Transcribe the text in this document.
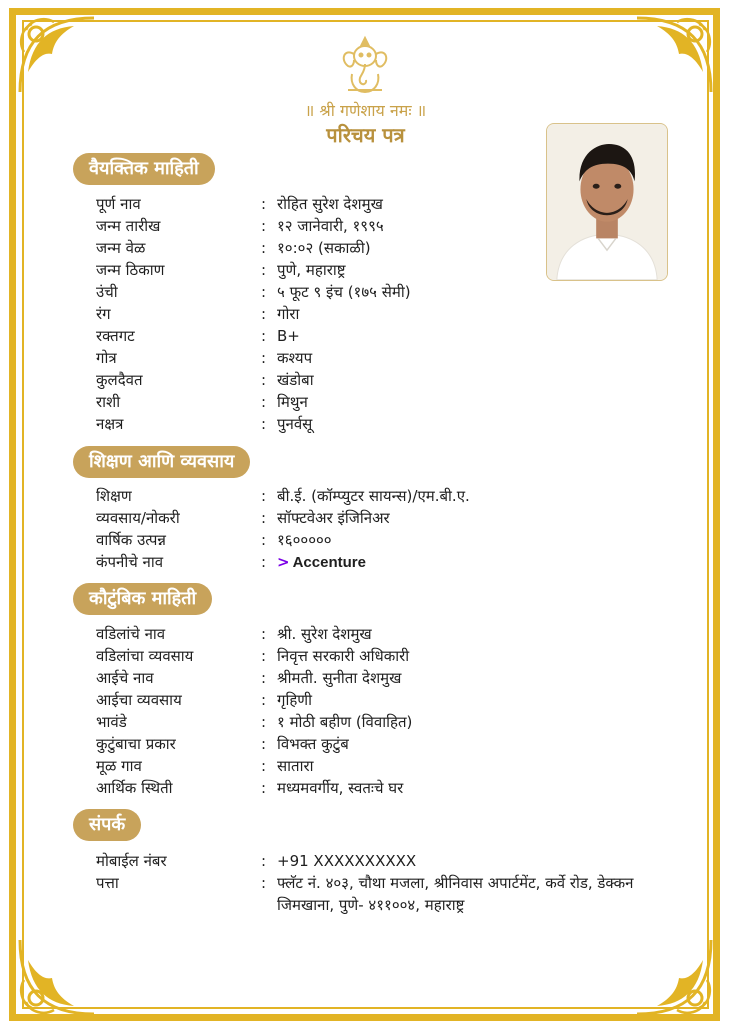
॥ श्री गणेशाय नमः ॥
परिचय पत्र
वैयक्तिक माहिती
पूर्ण नाव	: रोहित सुरेश देशमुख
जन्म तारीख	: १२ जानेवारी, १९९५
जन्म वेळ	: १०:०२ (सकाळी)
जन्म ठिकाण	: पुणे, महाराष्ट्र
उंची	: ५ फूट ९ इंच (१७५ सेमी)
रंग	: गोरा
रक्तगट	: B+
गोत्र	: कश्यप
कुलदैवत	: खंडोबा
राशी	: मिथुन
नक्षत्र	: पुनर्वसू
शिक्षण आणि व्यवसाय
शिक्षण	: बी.ई. (कॉम्प्युटर सायन्स)/एम.बी.ए.
व्यवसाय/नोकरी	: सॉफ्टवेअर इंजिनिअर
वार्षिक उत्पन्न	: १६०००००
कंपनीचे नाव	: > Accenture
कौटुंबिक माहिती
वडिलांचे नाव	: श्री. सुरेश देशमुख
वडिलांचा व्यवसाय	: निवृत्त सरकारी अधिकारी
आईचे नाव	: श्रीमती. सुनीता देशमुख
आईचा व्यवसाय	: गृहिणी
भावंडे	: १ मोठी बहीण (विवाहित)
कुटुंबाचा प्रकार	: विभक्त कुटुंब
मूळ गाव	: सातारा
आर्थिक स्थिती	: मध्यमवर्गीय, स्वतःचे घर
संपर्क
मोबाईल नंबर	: +91 XXXXXXXXXX
पत्ता	: फ्लॅट नं. ४०३, चौथा मजला, श्रीनिवास अपार्टमेंट, कर्वे रोड, डेक्कन जिमखाना, पुणे- ४११००४, महाराष्ट्र
